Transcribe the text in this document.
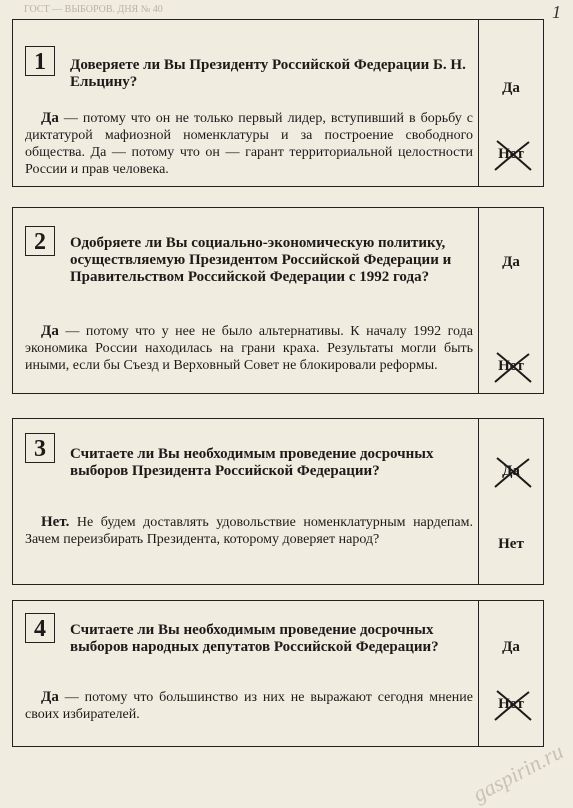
ГОСТ — ВЫБОРОВ. ДНЯ № 40	1
1	Доверяете ли Вы Президенту Российской Федерации Б. Н. Ельцину?
Да — потому что он не только первый лидер, вступивший в борьбу с диктатурой мафиозной номенклатуры и за построение свободного общества. Да — потому что он — гарант территориальной целостности России и прав человека.
Да
Нет
2	Одобряете ли Вы социально-экономическую политику, осуществляемую Президентом Российской Федерации и Правительством Российской Федерации с 1992 года?
Да — потому что у нее не было альтернативы. К началу 1992 года экономика России находилась на грани краха. Результаты могли быть иными, если бы Съезд и Верховный Совет не блокировали реформы.
Да
Нет
3	Считаете ли Вы необходимым проведение досрочных выборов Президента Российской Федерации?
Нет. Не будем доставлять удовольствие номенклатурным нардепам. Зачем переизбирать Президента, которому доверяет народ?
Да
Нет
4	Считаете ли Вы необходимым проведение досрочных выборов народных депутатов Российской Федерации?
Да — потому что большинство из них не выражают сегодня мнение своих избирателей.
Да
Нет
gaspirin.ru
